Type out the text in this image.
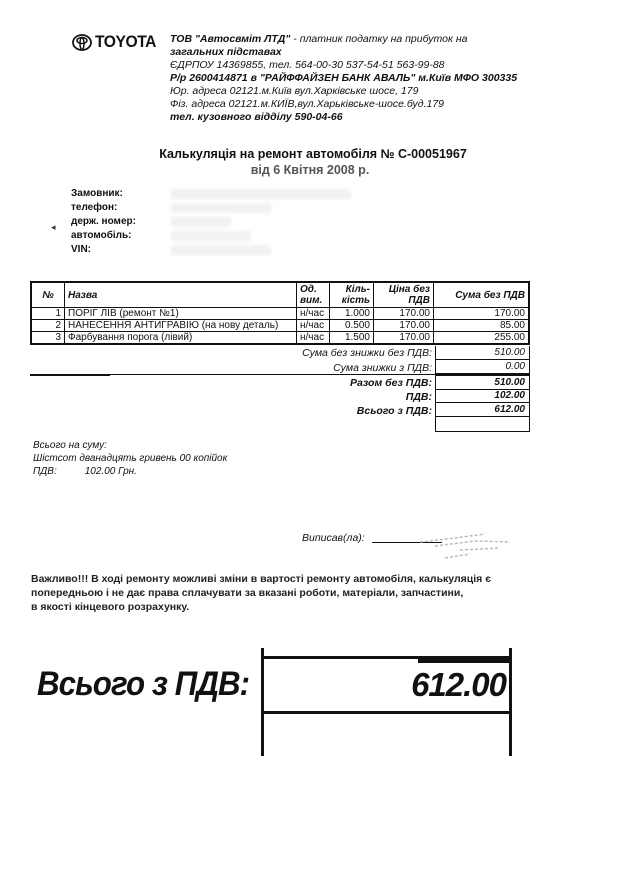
TOYOTA ТОВ "Автосвміт ЛТД" - платник податку на прибуток на
загальних підставах
ЄДРПОУ 14369855, тел. 564-00-30 537-54-51 563-99-88
Р/р 2600414871 в "РАЙФФАЙЗЕН БАНК АВАЛЬ" м.Київ МФО 300335
Юр. адреса 02121.м.Київ вул.Харківське шосе, 179
Фіз. адреса 02121.м.КИЇВ,вул.Харьківське-шосе.буд.179
тел. кузовного відділу 590-04-66
Калькуляція на ремонт автомобіля № С-00051967
від 6 Квітня 2008 р.
◂
Замовник:
телефон:
держ. номер:
автомобіль:
VIN:
№	Назва	Од. вим.	Кіль-кість	Ціна без ПДВ	Сума без ПДВ
1	ПОРІГ ЛІВ (ремонт №1)	н/час	1.000	170.00	170.00
2	НАНЕСЕННЯ АНТИГРАВІЮ (на нову деталь)	н/час	0.500	170.00	85.00
3	Фарбування порога (лівий)	н/час	1.500	170.00	255.00
Сума без знижки без ПДВ:	510.00
Сума знижки з ПДВ:	0.00
Разом без ПДВ:	510.00
ПДВ:	102.00
Всього з ПДВ:	612.00
Всього на суму:
Шістсот дванадцять гривень 00 копійок
ПДВ:	102.00 Грн.
Виписав(ла):
Важливо!!! В ході ремонту можливі зміни в вартості ремонту автомобіля, калькуляція є
попередньою і не дає права сплачувати за вказані роботи, матеріали, запчастини,
в якості кінцевого розрахунку.
Всього з ПДВ:	612.00
